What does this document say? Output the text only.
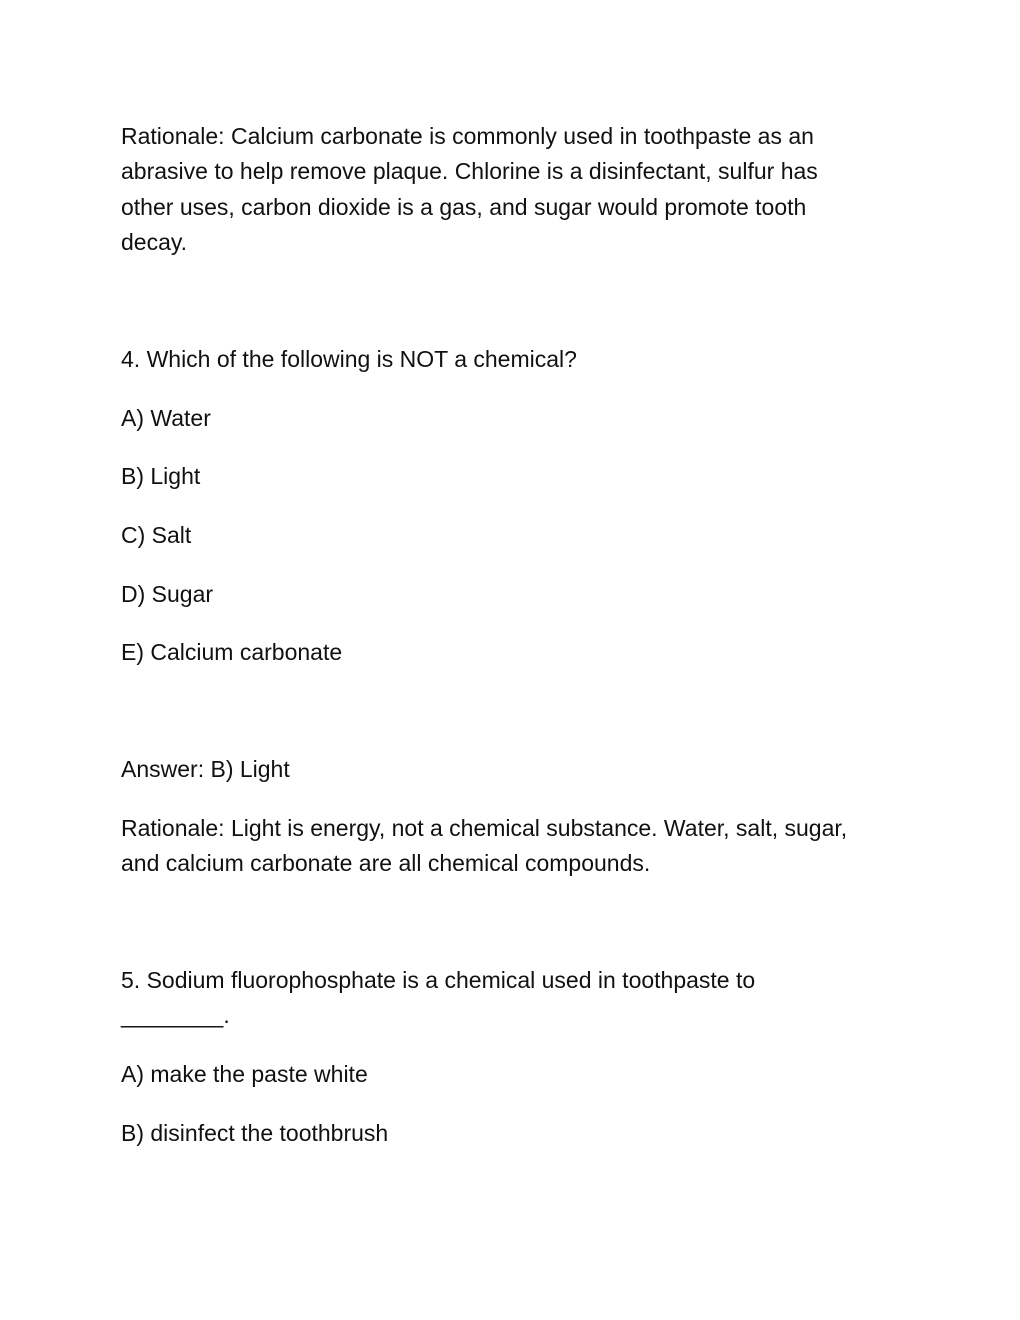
Rationale: Calcium carbonate is commonly used in toothpaste as an

abrasive to help remove plaque. Chlorine is a disinfectant, sulfur has

other uses, carbon dioxide is a gas, and sugar would promote tooth

decay.

4. Which of the following is NOT a chemical?

A) Water

B) Light

C) Salt

D) Sugar

E) Calcium carbonate

Answer: B) Light

Rationale: Light is energy, not a chemical substance. Water, salt, sugar,

and calcium carbonate are all chemical compounds.

5. Sodium fluorophosphate is a chemical used in toothpaste to

________.

A) make the paste white

B) disinfect the toothbrush
